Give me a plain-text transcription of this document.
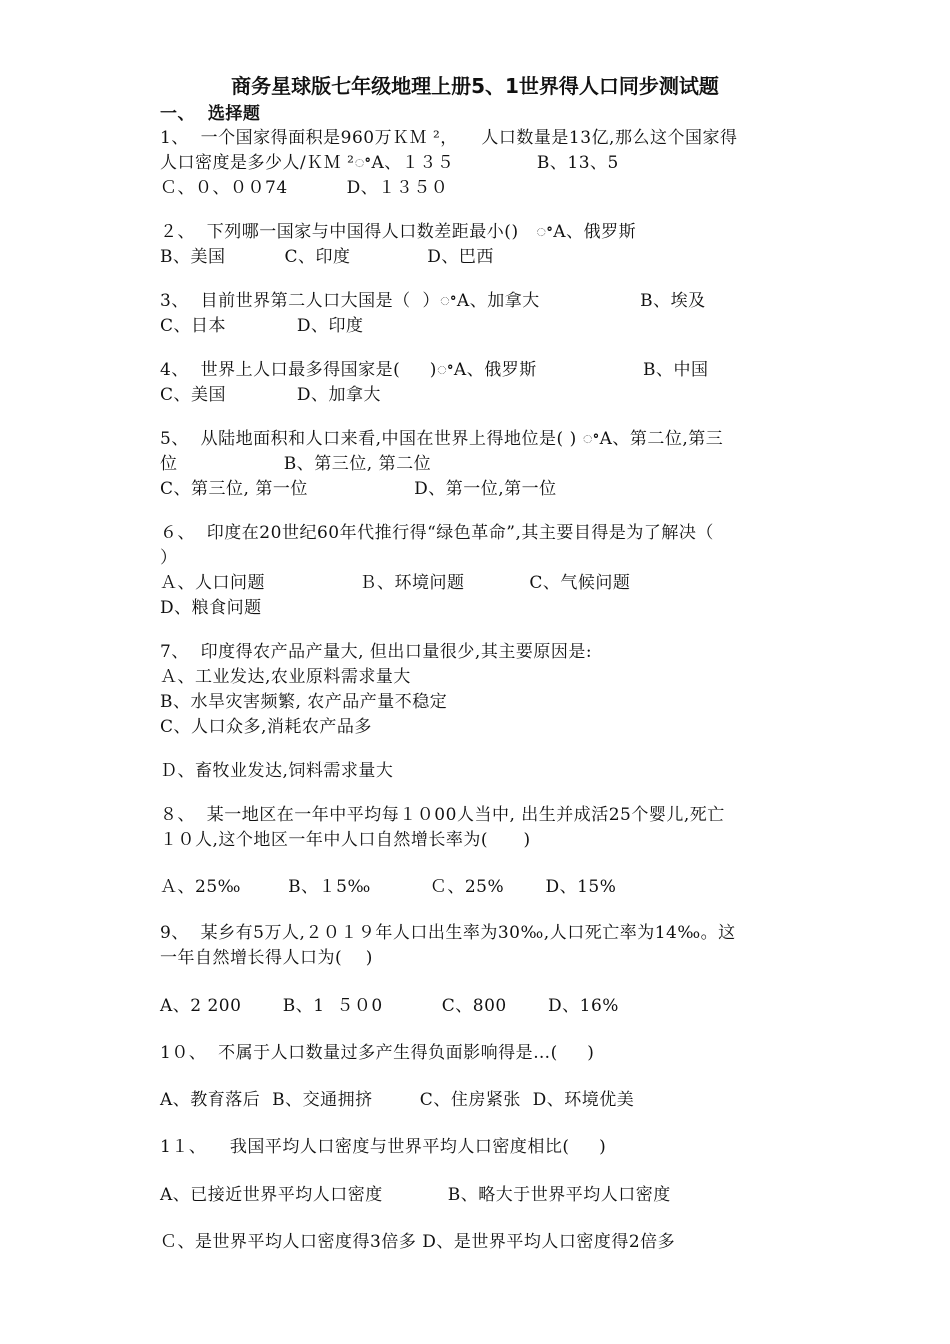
商务星球版七年级地理上册5、1世界得人口同步测试题
一、  选择题
1、  一个国家得面积是960万ＫＭ ²，    人口数量是13亿,那么这个国家得
人口密度是多少人/ＫＭ ²ꢀA、１３５              B、13、5
Ｃ、０、００74          D、１３５０
２、  下列哪一国家与中国得人口数差距最小()   ꢀA、俄罗斯
B、美国          C、印度             D、巴西
3、  目前世界第二人口大国是（  ）ꢀA、加拿大                 B、埃及
C、日本            D、印度
4、  世界上人口最多得国家是(     )ꢀA、俄罗斯                  B、中国
C、美国            D、加拿大
5、  从陆地面积和人口来看,中国在世界上得地位是( ) ꢀA、第二位,第三
位                  B、第三位, 第二位
C、第三位, 第一位                  D、第一位,第一位
６、  印度在20世纪60年代推行得“绿色革命”,其主要目得是为了解决（
）
Ａ、人口问题                Ｂ、环境问题           C、气候问题
D、粮食问题
7、  印度得农产品产量大, 但出口量很少,其主要原因是:
Ａ、工业发达,农业原料需求量大
B、水旱灾害频繁, 农产品产量不稳定
C、人口众多,消耗农产品多
Ｄ、畜牧业发达,饲料需求量大
８、  某一地区在一年中平均每１０00人当中, 出生并成活25个婴儿,死亡
１０人,这个地区一年中人口自然增长率为(      )
Ａ、25‰        B、１5‰          Ｃ、25%       D、15%
9、  某乡有5万人,２０１９年人口出生率为30‰,人口死亡率为14‰。这
一年自然增长得人口为(    )
A、2 200       B、1  ５０0          C、800       D、16%
1０、  不属于人口数量过多产生得负面影响得是…(     )
A、教育落后  B、交通拥挤        C、住房紧张  D、环境优美
1１、    我国平均人口密度与世界平均人口密度相比(     )
A、已接近世界平均人口密度           B、略大于世界平均人口密度
Ｃ、是世界平均人口密度得3倍多 D、是世界平均人口密度得2倍多
